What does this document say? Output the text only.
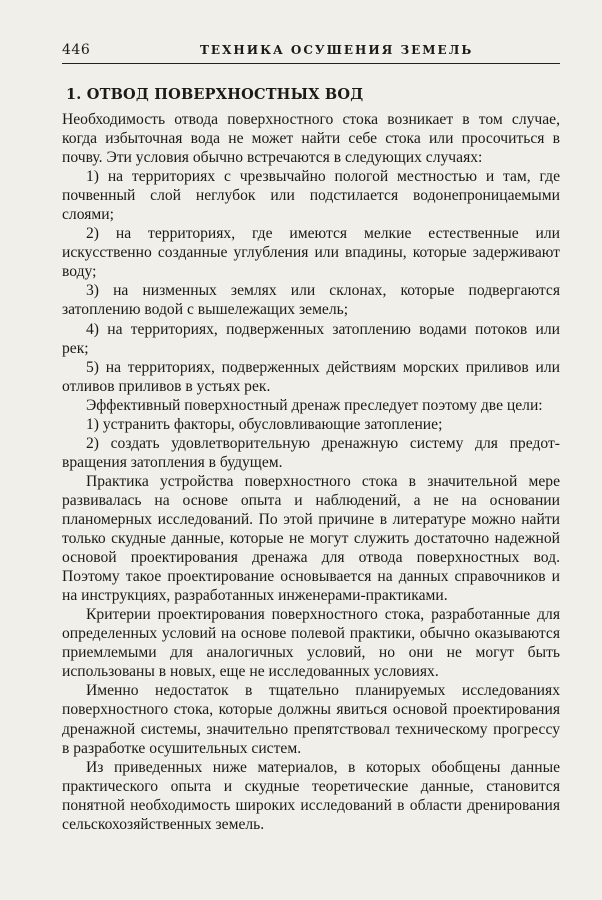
446	ТЕХНИКА ОСУШЕНИЯ ЗЕМЕЛЬ
1. ОТВОД ПОВЕРХНОСТНЫХ ВОД

Необходимость отвода поверхностного стока возникает в том случае, когда избыточная вода не может найти себе стока или просочиться в почву. Эти условия обычно встречаются в следующих случаях:

1) на территориях с чрезвычайно пологой местностью и там, где почвенный слой неглубок или подстилается водонепроницаемыми слоями;

2) на территориях, где имеются мелкие естественные или искусственно созданные углубления или впадины, которые задерживают воду;

3) на низменных землях или склонах, которые подвергаются затоплению водой с вышележащих земель;

4) на территориях, подверженных затоплению водами потоков или рек;

5) на территориях, подверженных действиям морских приливов или отливов приливов в устьях рек.

Эффективный поверхностный дренаж преследует поэтому две цели:

1) устранить факторы, обусловливающие затопление;

2) создать удовлетворительную дренажную систему для предотвращения затопления в будущем.

Практика устройства поверхностного стока в значительной мере развивалась на основе опыта и наблюдений, а не на основании планомерных исследований. По этой причине в литературе можно найти только скудные данные, которые не могут служить достаточно надежной основой проектирования дренажа для отвода поверхностных вод. Поэтому такое проектирование основывается на данных справочников и на инструкциях, разработанных инженерами-практиками.

Критерии проектирования поверхностного стока, разработанные для определенных условий на основе полевой практики, обычно оказываются приемлемыми для аналогичных условий, но они не могут быть использованы в новых, еще не исследованных условиях.

Именно недостаток в тщательно планируемых исследованиях поверхностного стока, которые должны явиться основой проектирования дренажной системы, значительно препятствовал техническому прогрессу в разработке осушительных систем.

Из приведенных ниже материалов, в которых обобщены данные практического опыта и скудные теоретические данные, становится понятной необходимость широких исследований в области дренирования сельскохозяйственных земель.
